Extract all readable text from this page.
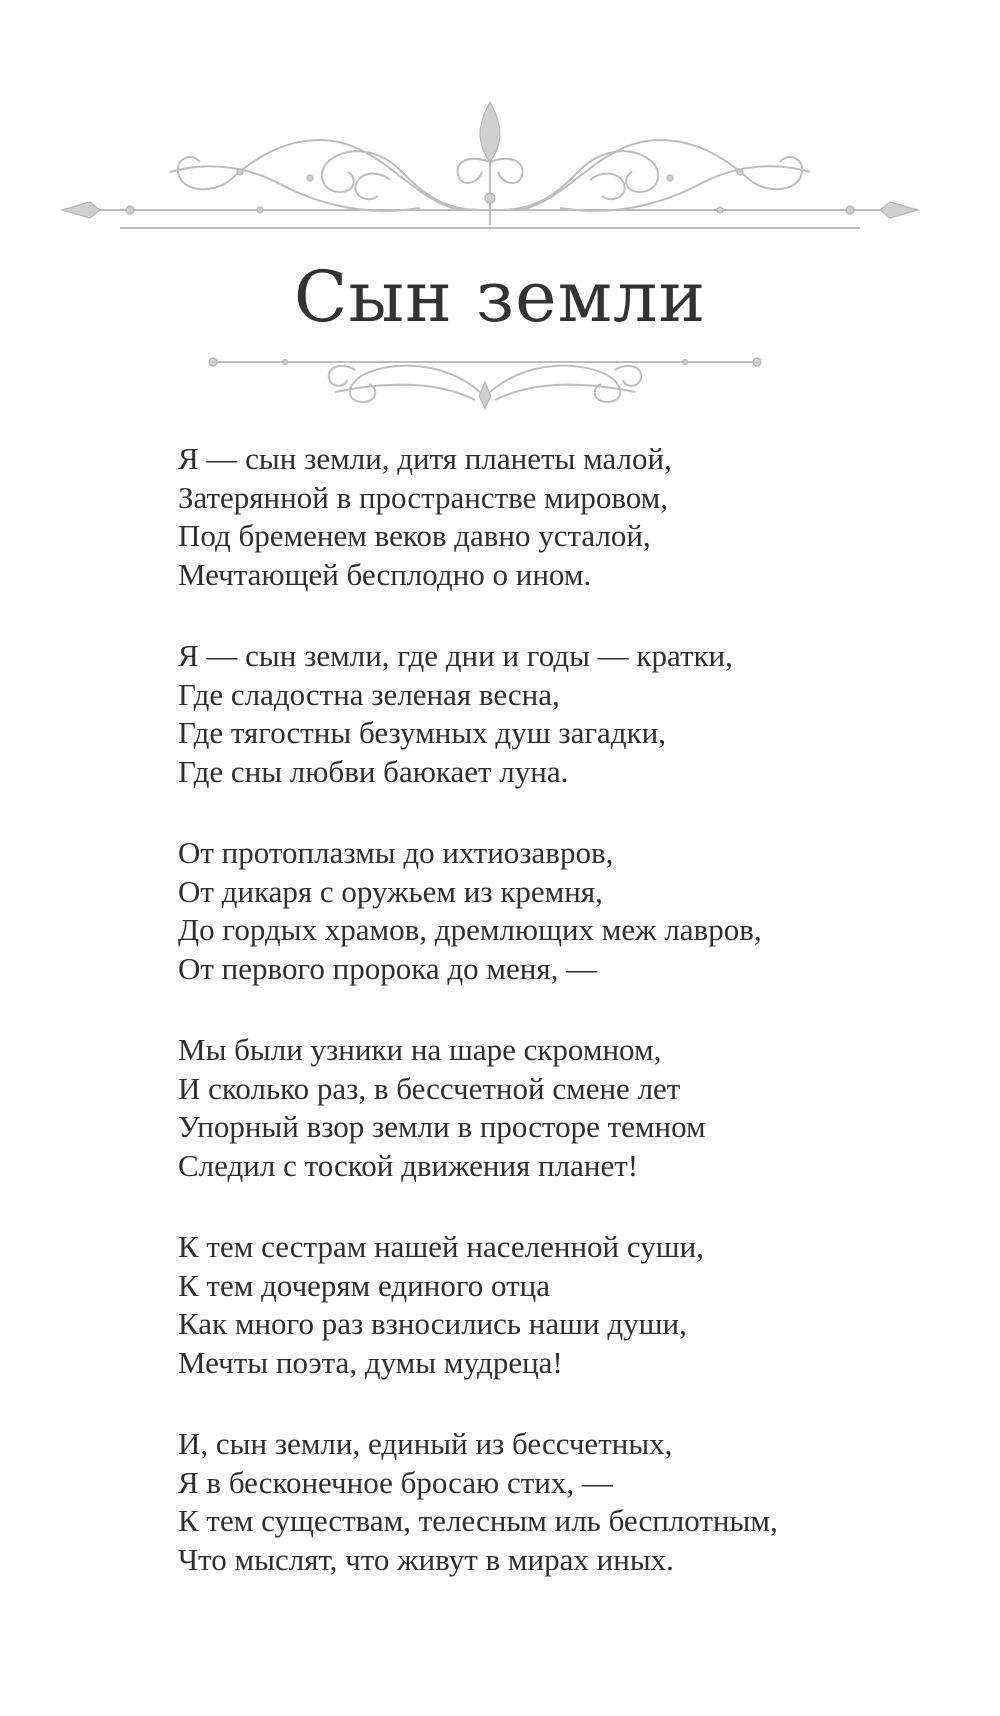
Сын земли
Я — сын земли, дитя планеты малой,
Затерянной в пространстве мировом,
Под бременем веков давно усталой,
Мечтающей бесплодно о ином.
Я — сын земли, где дни и годы — кратки,
Где сладостна зеленая весна,
Где тягостны безумных душ загадки,
Где сны любви баюкает луна.
От протоплазмы до ихтиозавров,
От дикаря с оружьем из кремня,
До гордых храмов, дремлющих меж лавров,
От первого пророка до меня, —
Мы были узники на шаре скромном,
И сколько раз, в бессчетной смене лет
Упорный взор земли в просторе темном
Следил с тоской движения планет!
К тем сестрам нашей населенной суши,
К тем дочерям единого отца
Как много раз взносились наши души,
Мечты поэта, думы мудреца!
И, сын земли, единый из бессчетных,
Я в бесконечное бросаю стих, —
К тем существам, телесным иль бесплотным,
Что мыслят, что живут в мирах иных.
